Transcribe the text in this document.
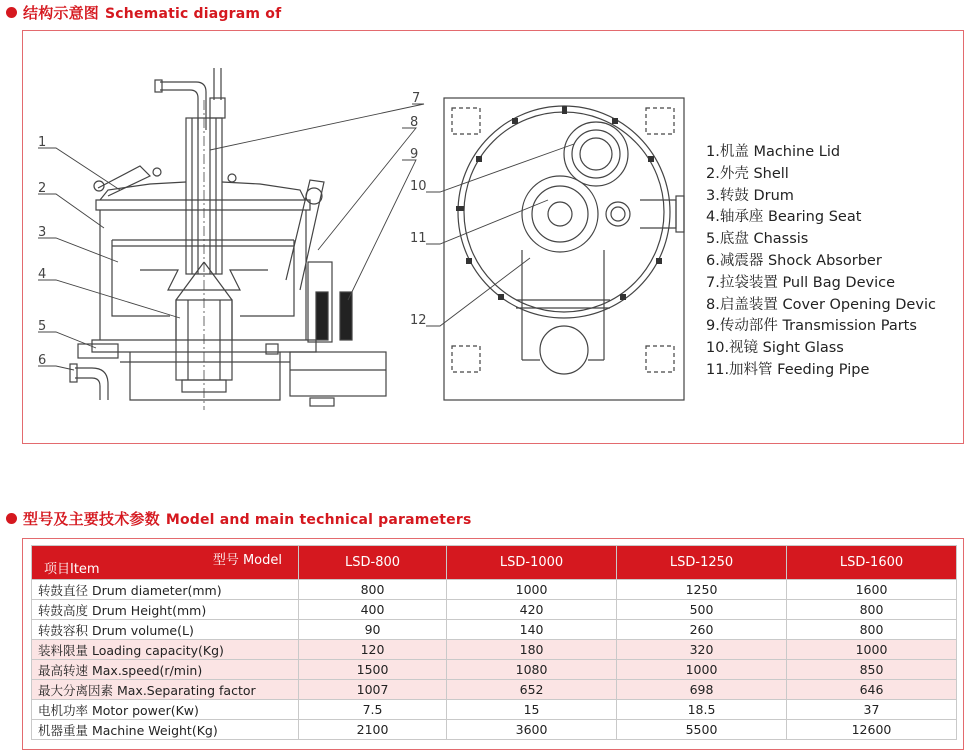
结构示意图 Schematic diagram of
1
2
3
4
5
6
7
8
9
10
11
12
1.机盖 Machine Lid
2.外壳 Shell
3.转鼓 Drum
4.轴承座 Bearing Seat
5.底盘 Chassis
6.减震器 Shock Absorber
7.拉袋装置 Pull Bag Device
8.启盖装置 Cover Opening Devic
9.传动部件 Transmission Parts
10.视镜 Sight Glass
11.加料管 Feeding Pipe
型号及主要技术参数 Model and main technical parameters
型号 Model
项目Item	LSD-800	LSD-1000	LSD-1250	LSD-1600
转鼓直径 Drum diameter(mm)	800	1000	1250	1600
转鼓高度 Drum Height(mm)	400	420	500	800
转鼓容积 Drum volume(L)	90	140	260	800
装料限量 Loading capacity(Kg)	120	180	320	1000
最高转速 Max.speed(r/min)	1500	1080	1000	850
最大分离因素 Max.Separating factor	1007	652	698	646
电机功率 Motor power(Kw)	7.5	15	18.5	37
机器重量 Machine Weight(Kg)	2100	3600	5500	12600
